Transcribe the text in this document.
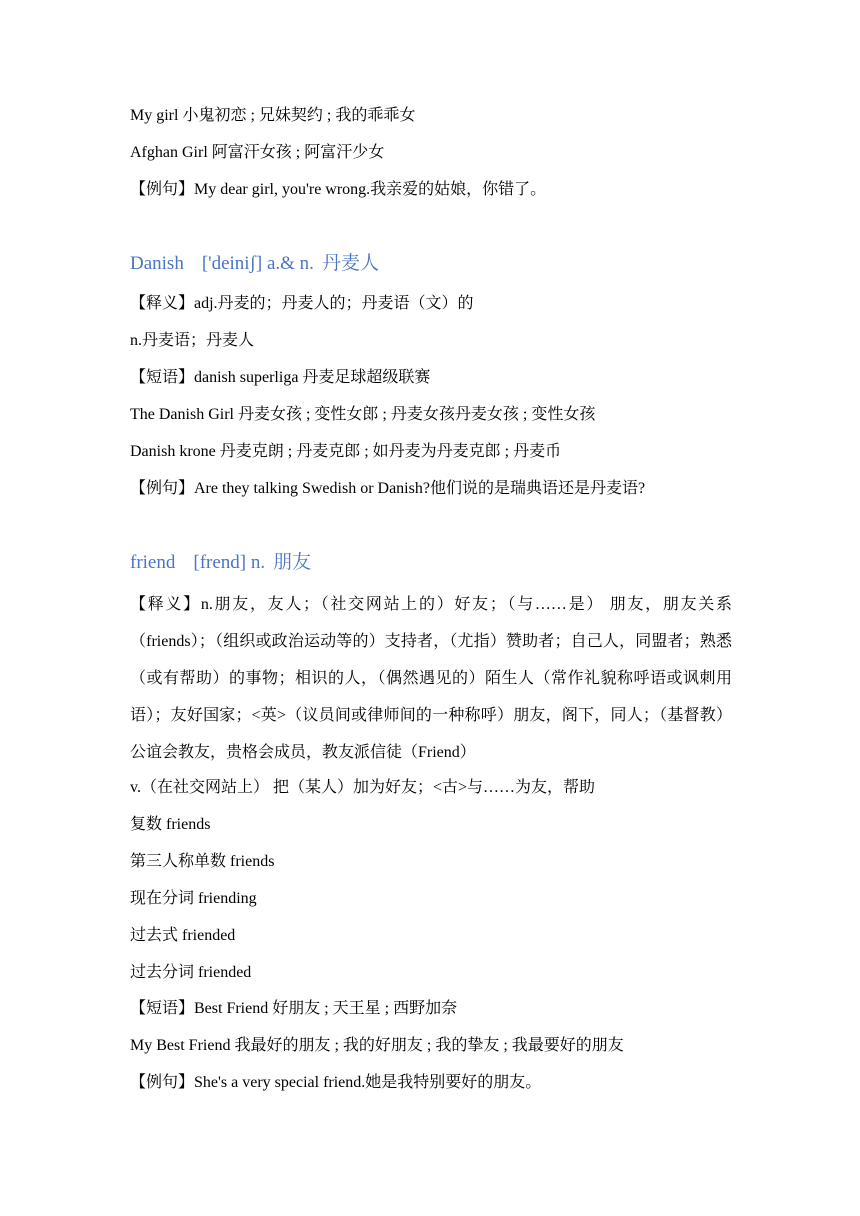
My girl 小鬼初恋 ; 兄妹契约 ; 我的乖乖女
Afghan Girl 阿富汗女孩 ; 阿富汗少女
【例句】My dear girl, you're wrong.我亲爱的姑娘，你错了。
Danish ['deiniʃ] a.& n. 丹麦人
【释义】adj.丹麦的；丹麦人的；丹麦语（文）的
n.丹麦语；丹麦人
【短语】danish superliga 丹麦足球超级联赛
The Danish Girl 丹麦女孩 ; 变性女郎 ; 丹麦女孩丹麦女孩 ; 变性女孩
Danish krone 丹麦克朗 ; 丹麦克郎 ; 如丹麦为丹麦克郎 ; 丹麦币
【例句】Are they talking Swedish or Danish?他们说的是瑞典语还是丹麦语?
friend [frend] n. 朋友
【释义】n.朋友，友人；（社交网站上的）好友；（与……是） 朋友，朋友关系（friends）；（组织或政治运动等的）支持者，（尤指）赞助者；自己人，同盟者；熟悉（或有帮助）的事物；相识的人，（偶然遇见的）陌生人（常作礼貌称呼语或讽刺用语）；友好国家；<英>（议员间或律师间的一种称呼）朋友，阁下，同人；（基督教）公谊会教友，贵格会成员，教友派信徒（Friend）
v.（在社交网站上） 把（某人）加为好友；<古>与……为友，帮助
复数 friends
第三人称单数 friends
现在分词 friending
过去式 friended
过去分词 friended
【短语】Best Friend 好朋友 ; 天王星 ; 西野加奈
My Best Friend 我最好的朋友 ; 我的好朋友 ; 我的挚友 ; 我最要好的朋友
【例句】She's a very special friend.她是我特别要好的朋友。
